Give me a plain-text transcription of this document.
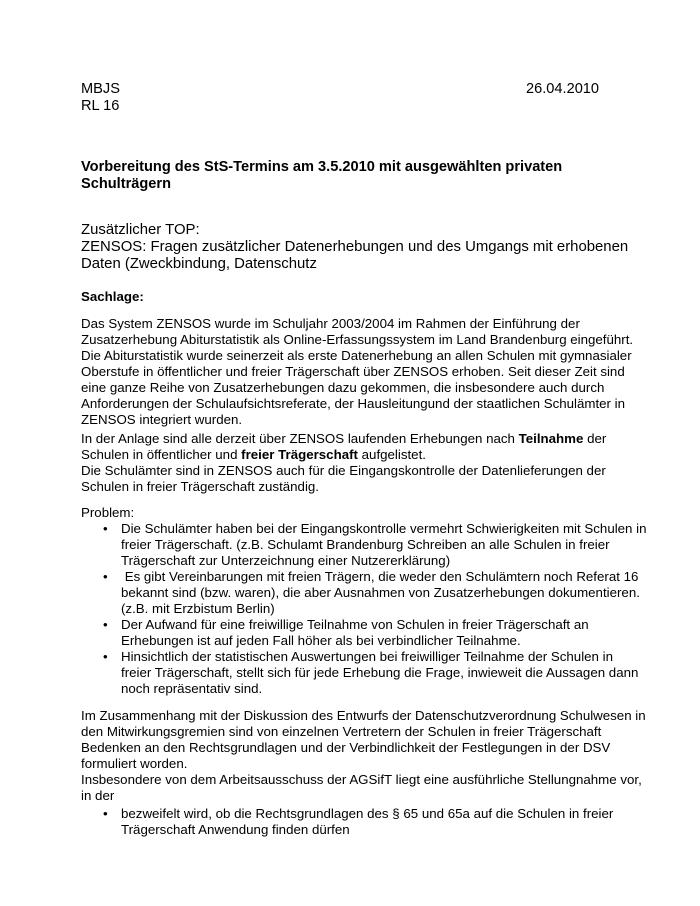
MBJS
RL 16
26.04.2010
Vorbereitung des StS-Termins am 3.5.2010 mit ausgewählten privaten
Schulträgern
Zusätzlicher TOP:
ZENSOS: Fragen zusätzlicher Datenerhebungen und des Umgangs mit erhobenen
Daten (Zweckbindung, Datenschutz
Sachlage:
Das System ZENSOS wurde im Schuljahr 2003/2004 im Rahmen der Einführung der
Zusatzerhebung Abiturstatistik als Online-Erfassungssystem im Land Brandenburg eingeführt.
Die Abiturstatistik wurde seinerzeit als erste Datenerhebung an allen Schulen mit gymnasialer
Oberstufe in öffentlicher und freier Trägerschaft über ZENSOS erhoben. Seit dieser Zeit sind
eine ganze Reihe von Zusatzerhebungen dazu gekommen, die insbesondere auch durch
Anforderungen der Schulaufsichtsreferate, der Hausleitungund der staatlichen Schulämter in
ZENSOS integriert wurden.
In der Anlage sind alle derzeit über ZENSOS laufenden Erhebungen nach Teilnahme der
Schulen in öffentlicher und freier Trägerschaft aufgelistet.
Die Schulämter sind in ZENSOS auch für die Eingangskontrolle der Datenlieferungen der
Schulen in freier Trägerschaft zuständig.
Problem:
• Die Schulämter haben bei der Eingangskontrolle vermehrt Schwierigkeiten mit Schulen in
freier Trägerschaft. (z.B. Schulamt Brandenburg Schreiben an alle Schulen in freier
Trägerschaft zur Unterzeichnung einer Nutzererklärung)
• Es gibt Vereinbarungen mit freien Trägern, die weder den Schulämtern noch Referat 16
bekannt sind (bzw. waren), die aber Ausnahmen von Zusatzerhebungen dokumentieren.
(z.B. mit Erzbistum Berlin)
• Der Aufwand für eine freiwillige Teilnahme von Schulen in freier Trägerschaft an
Erhebungen ist auf jeden Fall höher als bei verbindlicher Teilnahme.
• Hinsichtlich der statistischen Auswertungen bei freiwilliger Teilnahme der Schulen in
freier Trägerschaft, stellt sich für jede Erhebung die Frage, inwieweit die Aussagen dann
noch repräsentativ sind.
Im Zusammenhang mit der Diskussion des Entwurfs der Datenschutzverordnung Schulwesen in
den Mitwirkungsgremien sind von einzelnen Vertretern der Schulen in freier Trägerschaft
Bedenken an den Rechtsgrundlagen und der Verbindlichkeit der Festlegungen in der DSV
formuliert worden.
Insbesondere von dem Arbeitsausschuss der AGSifT liegt eine ausführliche Stellungnahme vor,
in der
• bezweifelt wird, ob die Rechtsgrundlagen des § 65 und 65a auf die Schulen in freier
Trägerschaft Anwendung finden dürfen
